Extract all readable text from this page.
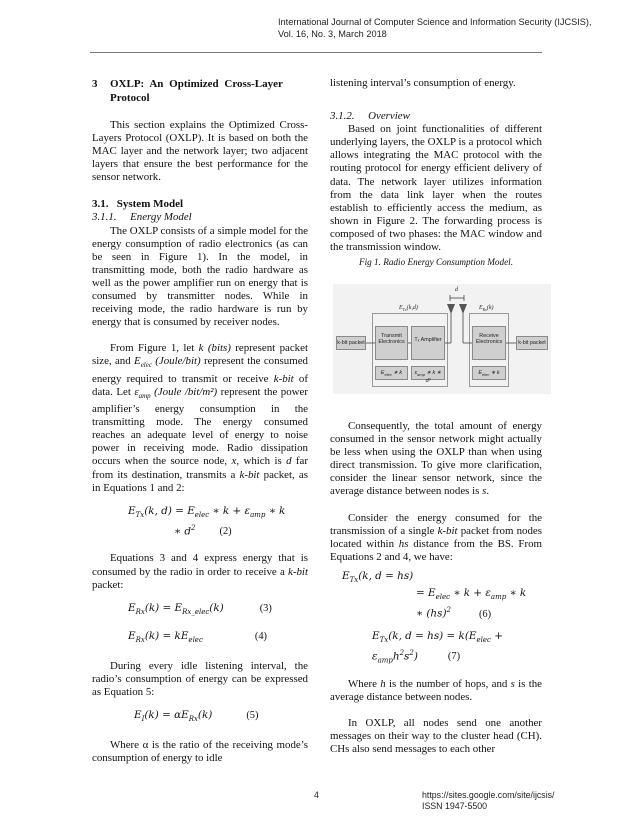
International Journal of Computer Science and Information Security (IJCSIS),
Vol. 16, No. 3, March 2018
3	OXLP: An Optimized Cross-Layer
Protocol

This section explains the Optimized Cross-Layers Protocol (OXLP). It is based on both the MAC layer and the network layer; two adjacent layers that ensure the best performance for the sensor network.

3.1.   System Model
3.1.1.     Energy Model

The OXLP consists of a simple model for the energy consumption of radio electronics (as can be seen in Figure 1). In the model, in transmitting mode, both the radio hardware as well as the power amplifier run on energy that is consumed by transmitter nodes. While in receiving mode, the radio hardware is run by energy that is consumed by receiver nodes.

From Figure 1, let k (bits) represent packet size, and $E_{elec}$ (Joule/bit) represent the consumed energy required to transmit or receive k-bit of data. Let $\varepsilon_{amp}$ (Joule /bit/m²) represent the power amplifier’s energy consumption in the transmitting mode. The energy consumed reaches an adequate level of energy to noise power in receiving mode. Radio dissipation occurs when the source node, x, which is d far from its destination, transmits a k-bit packet, as in Equations 1 and 2:

$E_{Tx}(k$, $d) = E_{elec}$ ∗ $k + \varepsilon_{amp}$ ∗ k
∗ $d^2$ (2)

Equations 3 and 4 express energy that is consumed by the radio in order to receive a k-bit packet:

$E_{Rx}(k) = E_{Rx\_elec}(k)$	(3)
$E_{Rx}(k) = kE_{elec}$	(4)

During every idle listening interval, the radio’s consumption of energy can be expressed as Equation 5:

$E_I(k) = \alpha E_{Rx}(k)$	(5)

Where α is the ratio of the receiving mode’s consumption of energy to idle

listening interval’s consumption of energy.

3.1.2.     Overview

Based on joint functionalities of different underlying layers, the OXLP is a protocol which allows integrating the MAC protocol with the routing protocol for energy efficient delivery of data. The network layer utilizes information from the data link layer when the routes establish to efficiently access the medium, as shown in Figure 2. The forwarding process is composed of two phases: the MAC window and the transmission window.

Fig 1. Radio Energy Consumption Model.
k-bit packet
Transmit
Electronics	Tₓ Amplifier
$E_{elec}$ ∗ k	$\varepsilon_{amp}$ ∗ k ∗ d²
Receive
Electronics
$E_{elec}$ ∗ k
k-bit packet
$E_{Tx}(k,d)$	$E_{Rx}(k)$
d

Consequently, the total amount of energy consumed in the sensor network might actually be less when using the OXLP than when using direct transmission. To give more clarification, consider the linear sensor network, since the average distance between nodes is s.

Consider the energy consumed for the transmission of a single k-bit packet from nodes located within hs distance from the BS. From Equations 2 and 4, we have:

$E_{Tx}(k$, d = hs)
= $E_{elec}$ ∗ $k + \varepsilon_{amp}$ ∗ k
∗ (hs)$^2$	(6)
$E_{Tx}(k$, $d = hs) = k(E_{elec}$ +
$\varepsilon_{amp}h^2s^2$)	(7)

Where h is the number of hops, and s is the average distance between nodes.

In OXLP, all nodes send one another messages on their way to the cluster head (CH). CHs also send messages to each other

4	https://sites.google.com/site/ijcsis/
ISSN 1947-5500
